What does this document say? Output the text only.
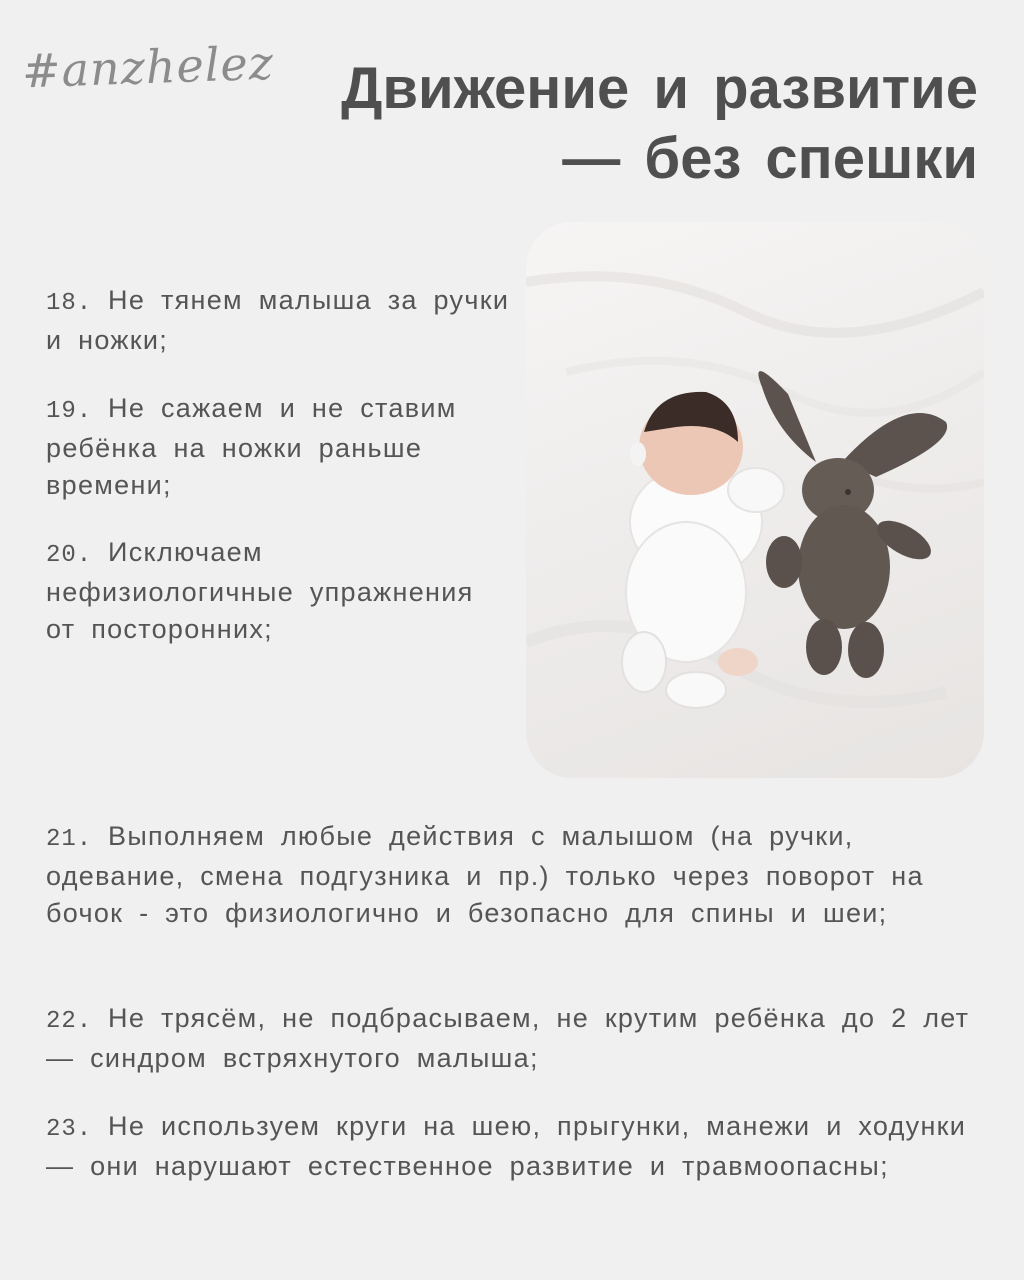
#anzhelez Движение и развитие
— без спешки
18. Не тянем малыша за ручки и ножки;
19. Не сажаем и не ставим ребёнка на ножки раньше времени;
20. Исключаем нефизиологичные упражнения от посторонних;
21. Выполняем любые действия с малышом (на ручки, одевание, смена подгузника и пр.) только через поворот на бочок - это физиологично и безопасно для спины и шеи;
22. Не трясём, не подбрасываем, не крутим ребёнка до 2 лет — синдром встряхнутого малыша;
23. Не используем круги на шею, прыгунки, манежи и ходунки — они нарушают естественное развитие и травмоопасны;
